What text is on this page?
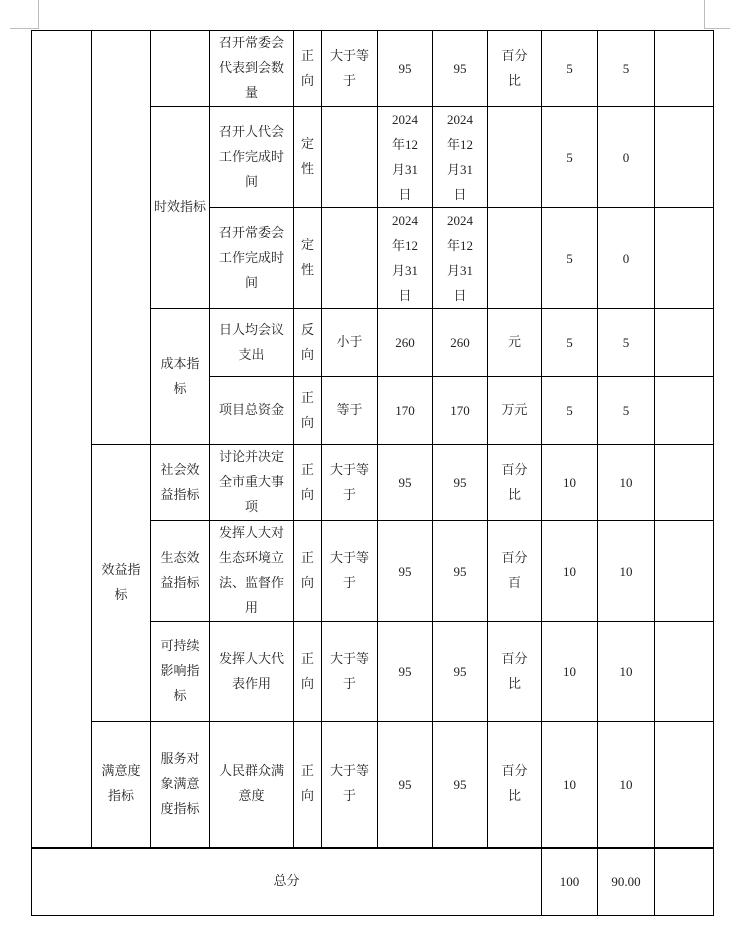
			召开常委会代表到会数量	正向	大于等于	95	95	百分比	5	5	
		时效指标	召开人代会工作完成时间	定性		2024年12月31日	2024年12月31日		5	0	
			召开常委会工作完成时间	定性		2024年12月31日	2024年12月31日		5	0	
		成本指标	日人均会议支出	反向	小于	260	260	元	5	5	
			项目总资金	正向	等于	170	170	万元	5	5	
	效益指标	社会效益指标	讨论并决定全市重大事项	正向	大于等于	95	95	百分比	10	10	
		生态效益指标	发挥人大对生态环境立法、监督作用	正向	大于等于	95	95	百分百	10	10	
		可持续影响指标	发挥人大代表作用	正向	大于等于	95	95	百分比	10	10	
	满意度指标	服务对象满意度指标	人民群众满意度	正向	大于等于	95	95	百分比	10	10	
总分									100	90.00	
